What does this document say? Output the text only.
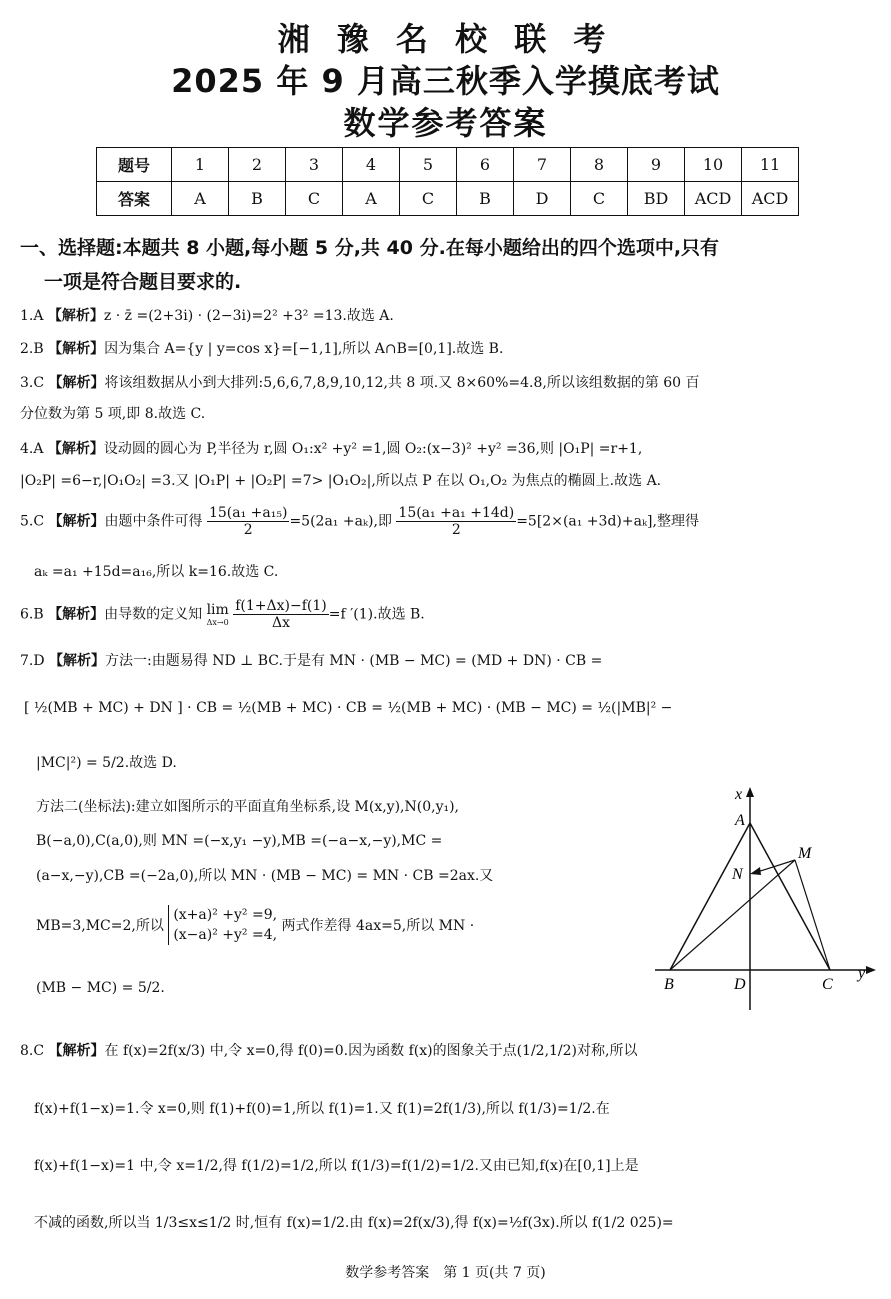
湘 豫 名 校 联 考
2025 年 9 月高三秋季入学摸底考试
数学参考答案
题号	1	2	3	4	5	6	7	8	9	10	11
答案	A	B	C	A	C	B	D	C	BD	ACD	ACD
一、选择题:本题共 8 小题,每小题 5 分,共 40 分.在每小题给出的四个选项中,只有
一项是符合题目要求的.
1.A 【解析】z · z̄ =(2+3i) · (2−3i)=2² +3² =13.故选 A.
2.B 【解析】因为集合 A={y | y=cos x}=[−1,1],所以 A∩B=[0,1].故选 B.
3.C 【解析】将该组数据从小到大排列:5,6,6,7,8,9,10,12,共 8 项.又 8×60%=4.8,所以该组数据的第 60 百
分位数为第 5 项,即 8.故选 C.
4.A 【解析】设动圆的圆心为 P,半径为 r,圆 O₁:x² +y² =1,圆 O₂:(x−3)² +y² =36,则 |O₁P| =r+1,
|O₂P| =6−r,|O₁O₂| =3.又 |O₁P| + |O₂P| =7> |O₁O₂|,所以点 P 在以 O₁,O₂ 为焦点的椭圆上.故选 A.
5.C 【解析】由题中条件可得 $\frac{\text{15(a₁ +a₁₅)}}{2} =5(2a_1 +a_k)$,即 $\frac{\text{15(a₁ +a₁ +14d)}}{2} =5[2\times(a_1 +3d)+a_k]$,整理得
aₖ =a₁ +15d=a₁₆,所以 k=16.故选 C.
6.B 【解析】由导数的定义知 lim
Δx→0
$\frac{f(1+\Delta x)-f(1)}{\Delta x} =f$ ′(1).故选 B.
7.D 【解析】方法一:由题易得 ND ⊥ BC.于是有 MN · (MB − MC) = (MD + DN) · CB =
[ ½(MB + MC) + DN ] · CB = ½(MB + MC) · CB = ½(MB + MC) · (MB − MC) = ½(|MB|² −
|MC|²) = 5/2.故选 D.
方法二(坐标法):建立如图所示的平面直角坐标系,设 M(x,y),N(0,y₁),
B(−a,0),C(a,0),则 MN =(−x,y₁ −y),MB =(−a−x,−y),MC =
(a−x,−y),CB =(−2a,0),所以 MN · (MB − MC) = MN · CB =2ax.又
MB=3,MC=2,所以
(x+a)² +y² =9,
(x−a)² +y² =4,
两式作差得 4ax=5,所以 MN ·
(MB − MC) = 5/2.
x
y
A
B	C
D
M
N
8.C 【解析】在 f(x)=2f(x/3) 中,令 x=0,得 f(0)=0.因为函数 f(x)的图象关于点(1/2,1/2)对称,所以
f(x)+f(1−x)=1.令 x=0,则 f(1)+f(0)=1,所以 f(1)=1.又 f(1)=2f(1/3),所以 f(1/3)=1/2.在
f(x)+f(1−x)=1 中,令 x=1/2,得 f(1/2)=1/2,所以 f(1/3)=f(1/2)=1/2.又由已知,f(x)在[0,1]上是
不减的函数,所以当 1/3≤x≤1/2 时,恒有 f(x)=1/2.由 f(x)=2f(x/3),得 f(x)=½f(3x).所以 f(1/2 025)=
数学参考答案　第 1 页(共 7 页)
